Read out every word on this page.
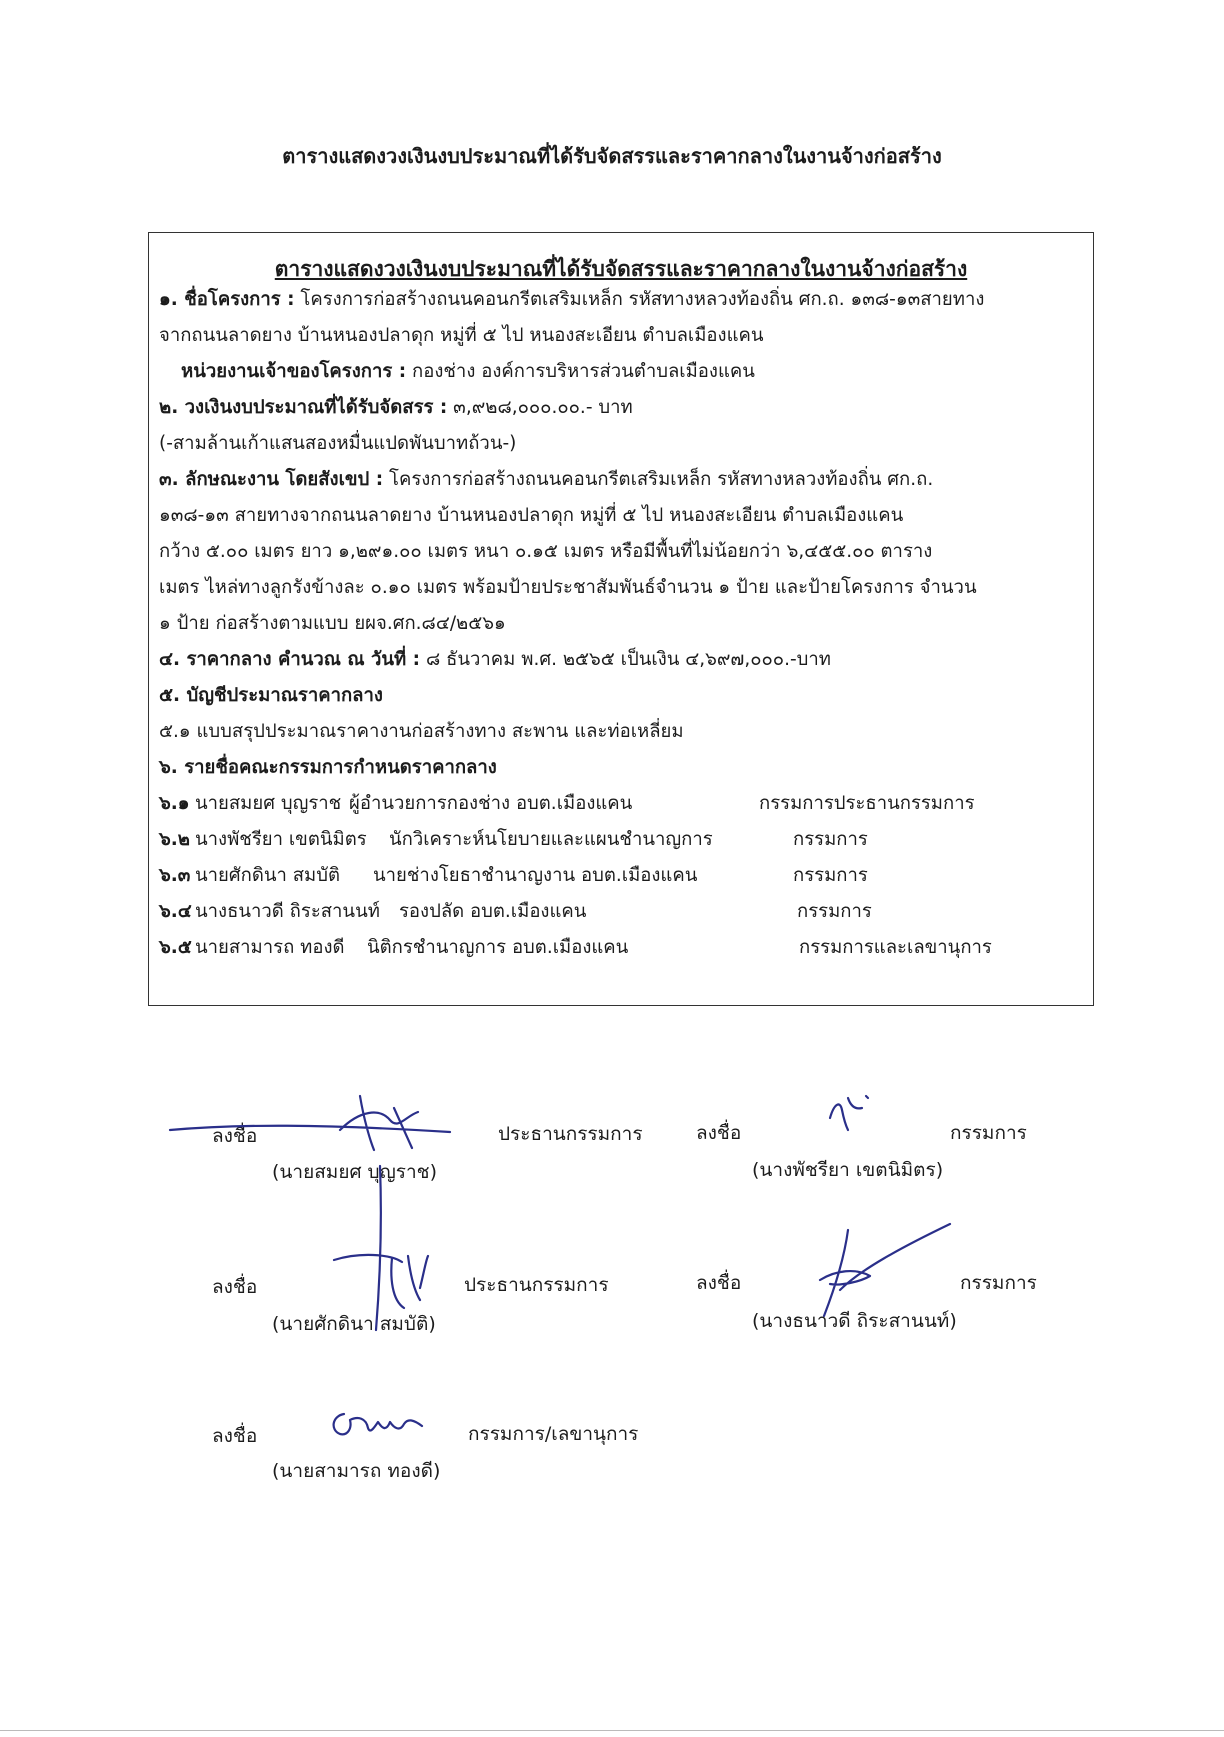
ตารางแสดงวงเงินงบประมาณที่ได้รับจัดสรรและราคากลางในงานจ้างก่อสร้าง
ตารางแสดงวงเงินงบประมาณที่ได้รับจัดสรรและราคากลางในงานจ้างก่อสร้าง
๑. ชื่อโครงการ : โครงการก่อสร้างถนนคอนกรีตเสริมเหล็ก รหัสทางหลวงท้องถิ่น ศก.ถ. ๑๓๘-๑๓สายทาง
จากถนนลาดยาง บ้านหนองปลาดุก หมู่ที่ ๕ ไป หนองสะเอียน ตำบลเมืองแคน
หน่วยงานเจ้าของโครงการ : กองช่าง องค์การบริหารส่วนตำบลเมืองแคน
๒. วงเงินงบประมาณที่ได้รับจัดสรร : ๓,๙๒๘,๐๐๐.๐๐.- บาท
(-สามล้านเก้าแสนสองหมื่นแปดพันบาทถ้วน-)
๓. ลักษณะงาน โดยสังเขป : โครงการก่อสร้างถนนคอนกรีตเสริมเหล็ก รหัสทางหลวงท้องถิ่น ศก.ถ.
๑๓๘-๑๓ สายทางจากถนนลาดยาง บ้านหนองปลาดุก หมู่ที่ ๕ ไป หนองสะเอียน ตำบลเมืองแคน
กว้าง ๕.๐๐ เมตร ยาว ๑,๒๙๑.๐๐ เมตร หนา ๐.๑๕ เมตร หรือมีพื้นที่ไม่น้อยกว่า ๖,๔๕๕.๐๐ ตาราง
เมตร ไหล่ทางลูกรังข้างละ ๐.๑๐ เมตร พร้อมป้ายประชาสัมพันธ์จำนวน ๑ ป้าย และป้ายโครงการ จำนวน
๑ ป้าย ก่อสร้างตามแบบ ยผจ.ศก.๘๔/๒๕๖๑
๔. ราคากลาง คำนวณ ณ วันที่ : ๘ ธันวาคม พ.ศ. ๒๕๖๕ เป็นเงิน ๔,๖๙๗,๐๐๐.-บาท
๕. บัญชีประมาณราคากลาง
๕.๑ แบบสรุปประมาณราคางานก่อสร้างทาง สะพาน และท่อเหลี่ยม
๖. รายชื่อคณะกรรมการกำหนดราคากลาง
๖.๑ นายสมยศ บุญราช ผู้อำนวยการกองช่าง อบต.เมืองแคน	กรรมการประธานกรรมการ
๖.๒ นางพัชรียา เขตนิมิตร นักวิเคราะห์นโยบายและแผนชำนาญการ	กรรมการ
๖.๓ นายศักดินา สมบัติ นายช่างโยธาชำนาญงาน อบต.เมืองแคน	กรรมการ
๖.๔ นางธนาวดี ถิระสานนท์ รองปลัด อบต.เมืองแคน	กรรมการ
๖.๕ นายสามารถ ทองดี นิติกรชำนาญการ อบต.เมืองแคน	กรรมการและเลขานุการ
ลงชื่อ	ประธานกรรมการ
(นายสมยศ บุญราช)
ลงชื่อ	กรรมการ
(นางพัชรียา เขตนิมิตร)
ลงชื่อ	ประธานกรรมการ
(นายศักดินา สมบัติ)
ลงชื่อ	กรรมการ
(นางธนาวดี ถิระสานนท์)
ลงชื่อ	กรรมการ/เลขานุการ
(นายสามารถ ทองดี)
